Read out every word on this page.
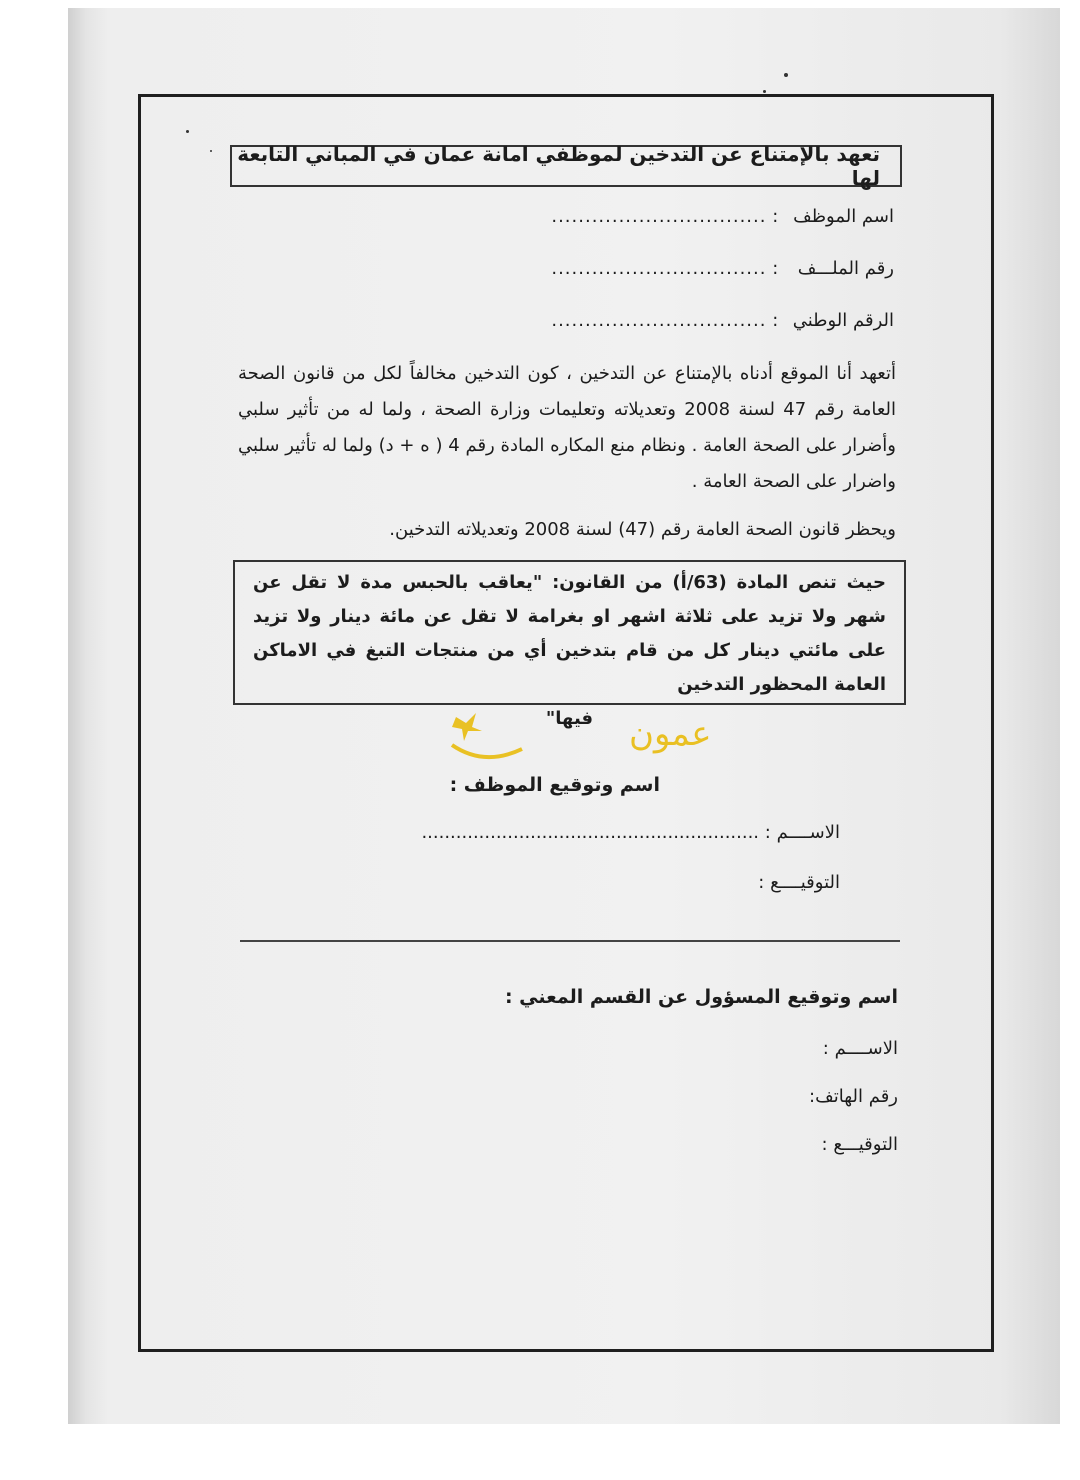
تعهد بالإمتناع عن التدخين لموظفي امانة عمان في المباني التابعة لها
اسم الموظف : ................................
رقم الملـــف : ................................
الرقم الوطني : ................................
أتعهد أنا الموقع أدناه بالإمتناع عن التدخين ، كون التدخين مخالفاً لكل من قانون الصحة العامة رقم 47 لسنة 2008 وتعديلاته وتعليمات وزارة الصحة ، ولما له من تأثير سلبي وأضرار على الصحة العامة . ونظام منع المكاره المادة رقم 4 ( ه + د) ولما له تأثير سلبي واضرار على الصحة العامة .
ويحظر قانون الصحة العامة رقم (47) لسنة 2008 وتعديلاته التدخين.
حيث تنص المادة (63/أ) من القانون: "يعاقب بالحبس مدة لا تقل عن شهر ولا تزيد على ثلاثة اشهر او بغرامة لا تقل عن مائة دينار ولا تزيد على مائتي دينار كل من قام بتدخين أي من منتجات التبغ في الاماكن العامة المحظور التدخين
فيها"	عمون
اسم وتوقيع الموظف :
الاســــم : ...........................................................
التوقيــــع :
اسم وتوقيع المسؤول عن القسم المعني :
الاســــم :
رقم الهاتف:
التوقيـــع :
